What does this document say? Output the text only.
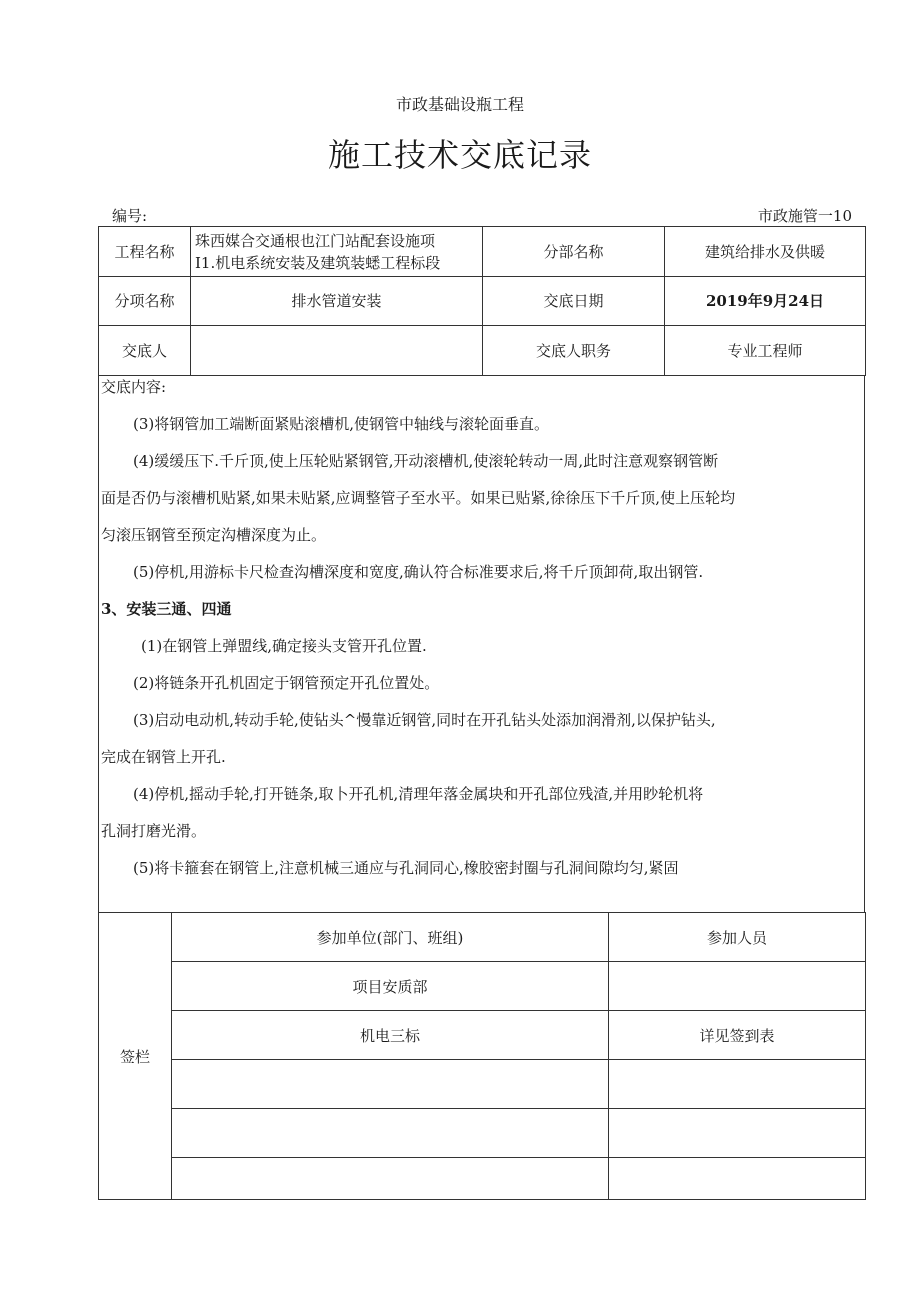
市政基础设瓶工程
施工技术交底记录
编号:	市政施管一10
工程名称	珠西媒合交通根也江门站配套设施项
I1.机电系统安装及建筑装蟋工程标段	分部名称	建筑给排水及供暖
分项名称	排水管道安装	交底日期	2019年9月24日
交底人		交底人职务	专业工程师

交底内容:

(3)将钢管加工端断面紧贴滚槽机,使钢管中轴线与滚轮面垂直。

(4)缓缓压下.千斤顶,使上压轮贴紧钢管,开动滚槽机,使滚轮转动一周,此时注意观察钢管断

面是否仍与滚槽机贴紧,如果未贴紧,应调整管子至水平。如果已贴紧,徐徐压下千斤顶,使上压轮均

匀滚压钢管至预定沟槽深度为止。

(5)停机,用游标卡尺检查沟槽深度和宽度,确认符合标准要求后,将千斤顶卸荷,取出钢管.

3、安装三通、四通

(1)在钢管上弹盟线,确定接头支管开孔位置.

(2)将链条开孔机固定于钢管预定开孔位置处。

(3)启动电动机,转动手轮,使钻头^慢靠近钢管,同时在开孔钻头处添加润滑剂,以保护钻头,

完成在钢管上开孔.

(4)停机,摇动手轮,打开链条,取卜开孔机,清理年落金属块和开孔部位残渣,并用眇轮机将

孔洞打磨光滑。

(5)将卡箍套在钢管上,注意机械三通应与孔洞同心,橡胶密封圈与孔洞间隙均匀,紧固

签栏	参加单位(部门、班组)	参加人员
	项目安质部	
	机电三标	详见签到表
